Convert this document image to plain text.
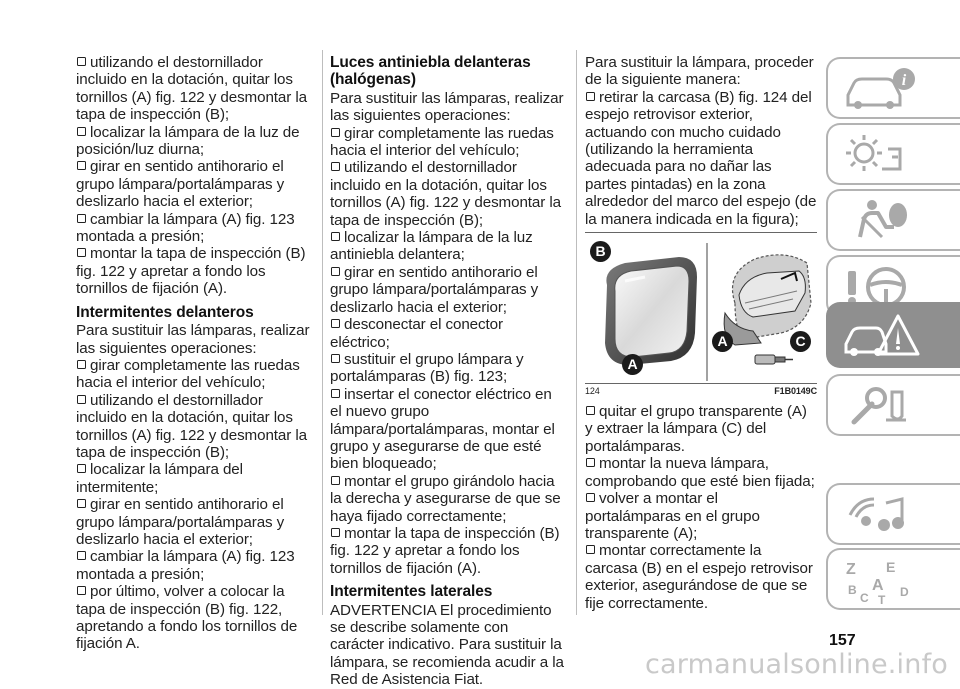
utilizando el destornillador incluido en la dotación, quitar los tornillos (A) fig. 122 y desmontar la tapa de inspección (B);

localizar la lámpara de la luz de posición/luz diurna;

girar en sentido antihorario el grupo lámpara/portalámparas y deslizarlo hacia el exterior;

cambiar la lámpara (A) fig. 123 montada a presión;

montar la tapa de inspección (B) fig. 122 y apretar a fondo los tornillos de fijación (A).

Intermitentes delanteros

Para sustituir las lámparas, realizar las siguientes operaciones:

girar completamente las ruedas hacia el interior del vehículo;

utilizando el destornillador incluido en la dotación, quitar los tornillos (A) fig. 122 y desmontar la tapa de inspección (B);

localizar la lámpara del intermitente;

girar en sentido antihorario el grupo lámpara/portalámparas y deslizarlo hacia el exterior;

cambiar la lámpara (A) fig. 123 montada a presión;

por último, volver a colocar la tapa de inspección (B) fig. 122, apretando a fondo los tornillos de fijación A.

Luces antiniebla delanteras (halógenas)

Para sustituir las lámparas, realizar las siguientes operaciones:

girar completamente las ruedas hacia el interior del vehículo;

utilizando el destornillador incluido en la dotación, quitar los tornillos (A) fig. 122 y desmontar la tapa de inspección (B);

localizar la lámpara de la luz antiniebla delantera;

girar en sentido antihorario el grupo lámpara/portalámparas y deslizarlo hacia el exterior;

desconectar el conector eléctrico;

sustituir el grupo lámpara y portalámparas (B) fig. 123;

insertar el conector eléctrico en el nuevo grupo lámpara/portalámparas, montar el grupo y asegurarse de que esté bien bloqueado;

montar el grupo girándolo hacia la derecha y asegurarse de que se haya fijado correctamente;

montar la tapa de inspección (B) fig. 122 y apretar a fondo los tornillos de fijación (A).

Intermitentes laterales

ADVERTENCIA El procedimiento se describe solamente con carácter indicativo. Para sustituir la lámpara, se recomienda acudir a la Red de Asistencia Fiat.

Para sustituir la lámpara, proceder de la siguiente manera:

retirar la carcasa (B) fig. 124 del espejo retrovisor exterior, actuando con mucho cuidado (utilizando la herramienta adecuada para no dañar las partes pintadas) en la zona alrededor del marco del espejo (de la manera indicada en la figura);

B
A
A	C
124	F1B0149C

quitar el grupo transparente (A) y extraer la lámpara (C) del portalámparas.

montar la nueva lámpara, comprobando que esté bien fijada;

volver a montar el portalámparas en el grupo transparente (A);

montar correctamente la carcasa (B) en el espejo retrovisor exterior, asegurándose de que se fije correctamente.

i
Z E
B A
C T
D
157
carmanualsonline.info
